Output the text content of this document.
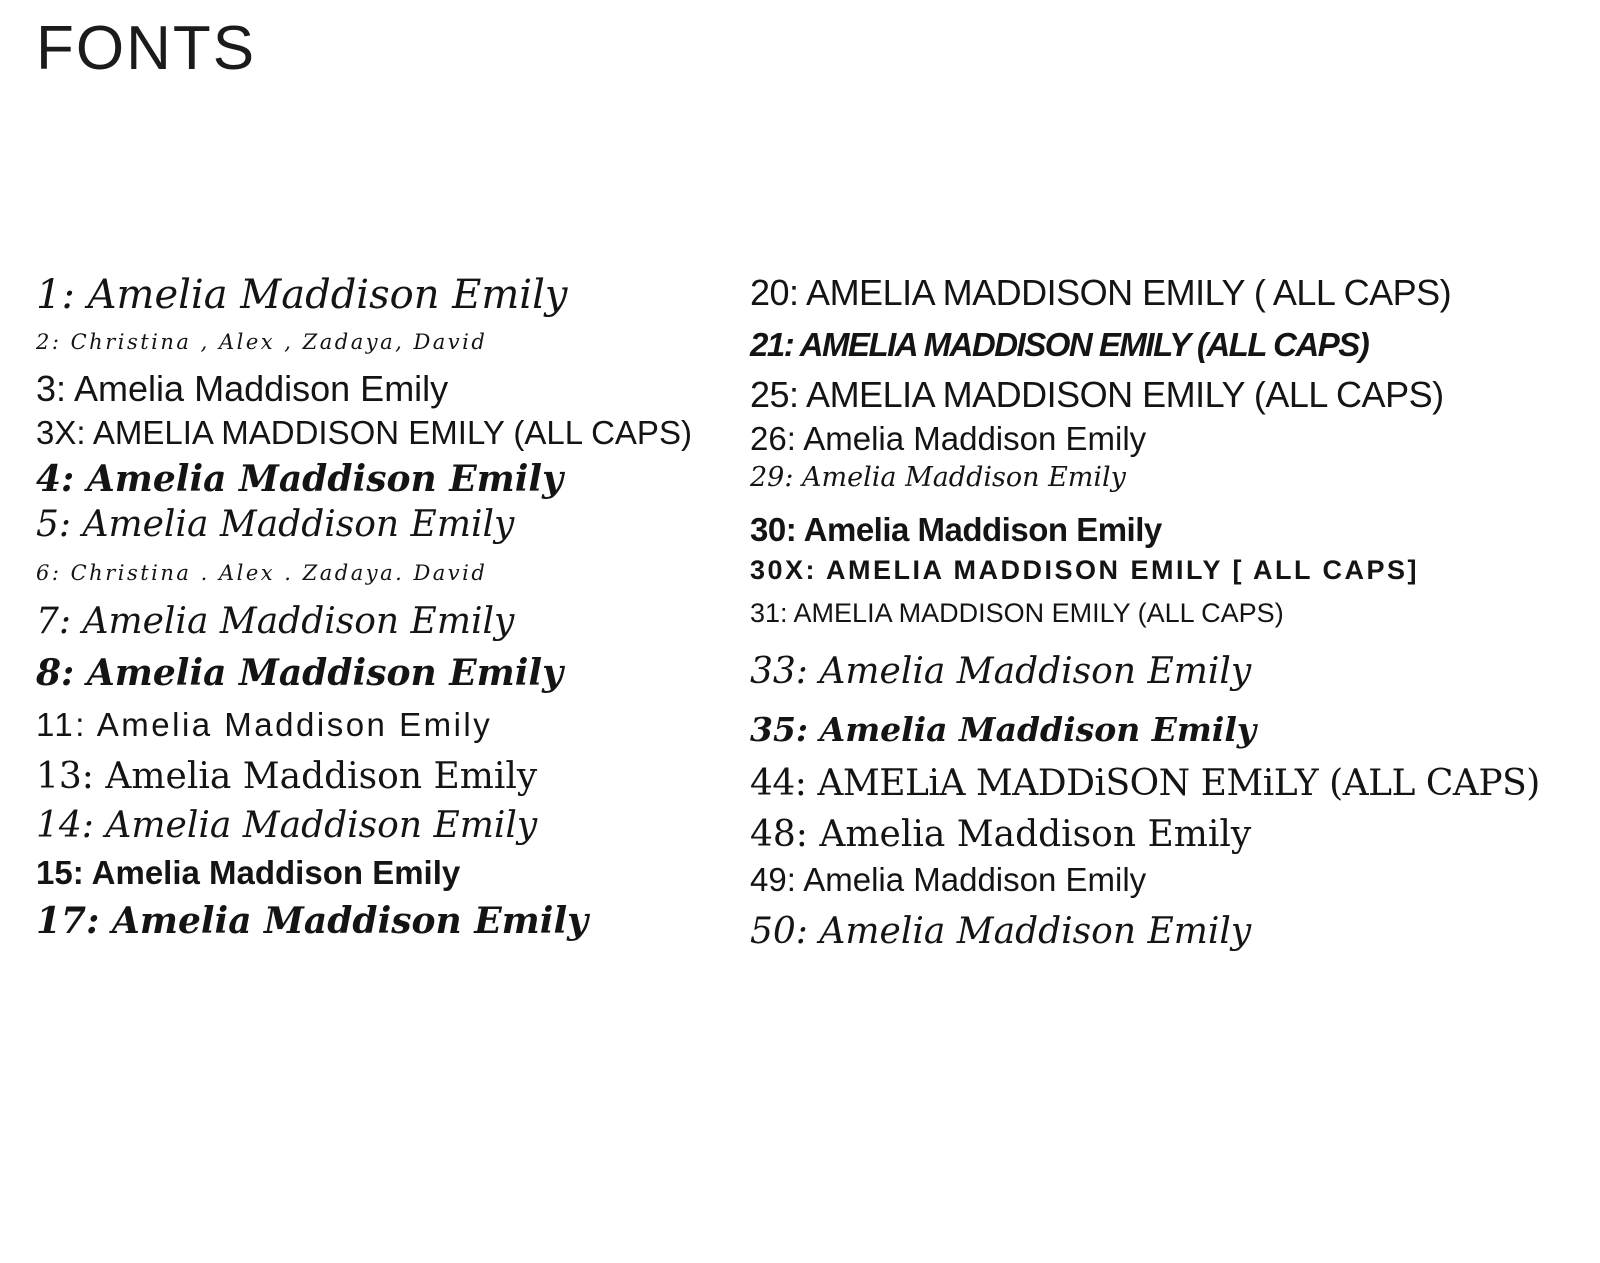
FONTS
1: Amelia Maddison Emily
2: Christina , Alex , Zadaya, David
3: Amelia Maddison Emily
3X: AMELIA MADDISON EMILY (ALL CAPS)
4: Amelia Maddison Emily
5: Amelia Maddison Emily
6: Christina . Alex . Zadaya. David
7: Amelia Maddison Emily
8: Amelia Maddison Emily
11: Amelia Maddison Emily
13: Amelia Maddison Emily
14: Amelia Maddison Emily
15: Amelia Maddison Emily
17: Amelia Maddison Emily
20: AMELIA MADDISON EMILY ( ALL CAPS)
21: AMELIA MADDISON EMILY (ALL CAPS)
25: AMELIA MADDISON EMILY (ALL CAPS)
26: Amelia Maddison Emily
29: Amelia Maddison Emily
30: Amelia Maddison Emily
30X: AMELIA MADDISON EMILY [ ALL CAPS]
31: AMELIA MADDISON EMILY (ALL CAPS)
33: Amelia Maddison Emily
35: Amelia Maddison Emily
44: AMELiA MADDiSON EMiLY (ALL CAPS)
48: Amelia Maddison Emily
49: Amelia Maddison Emily
50: Amelia Maddison Emily
